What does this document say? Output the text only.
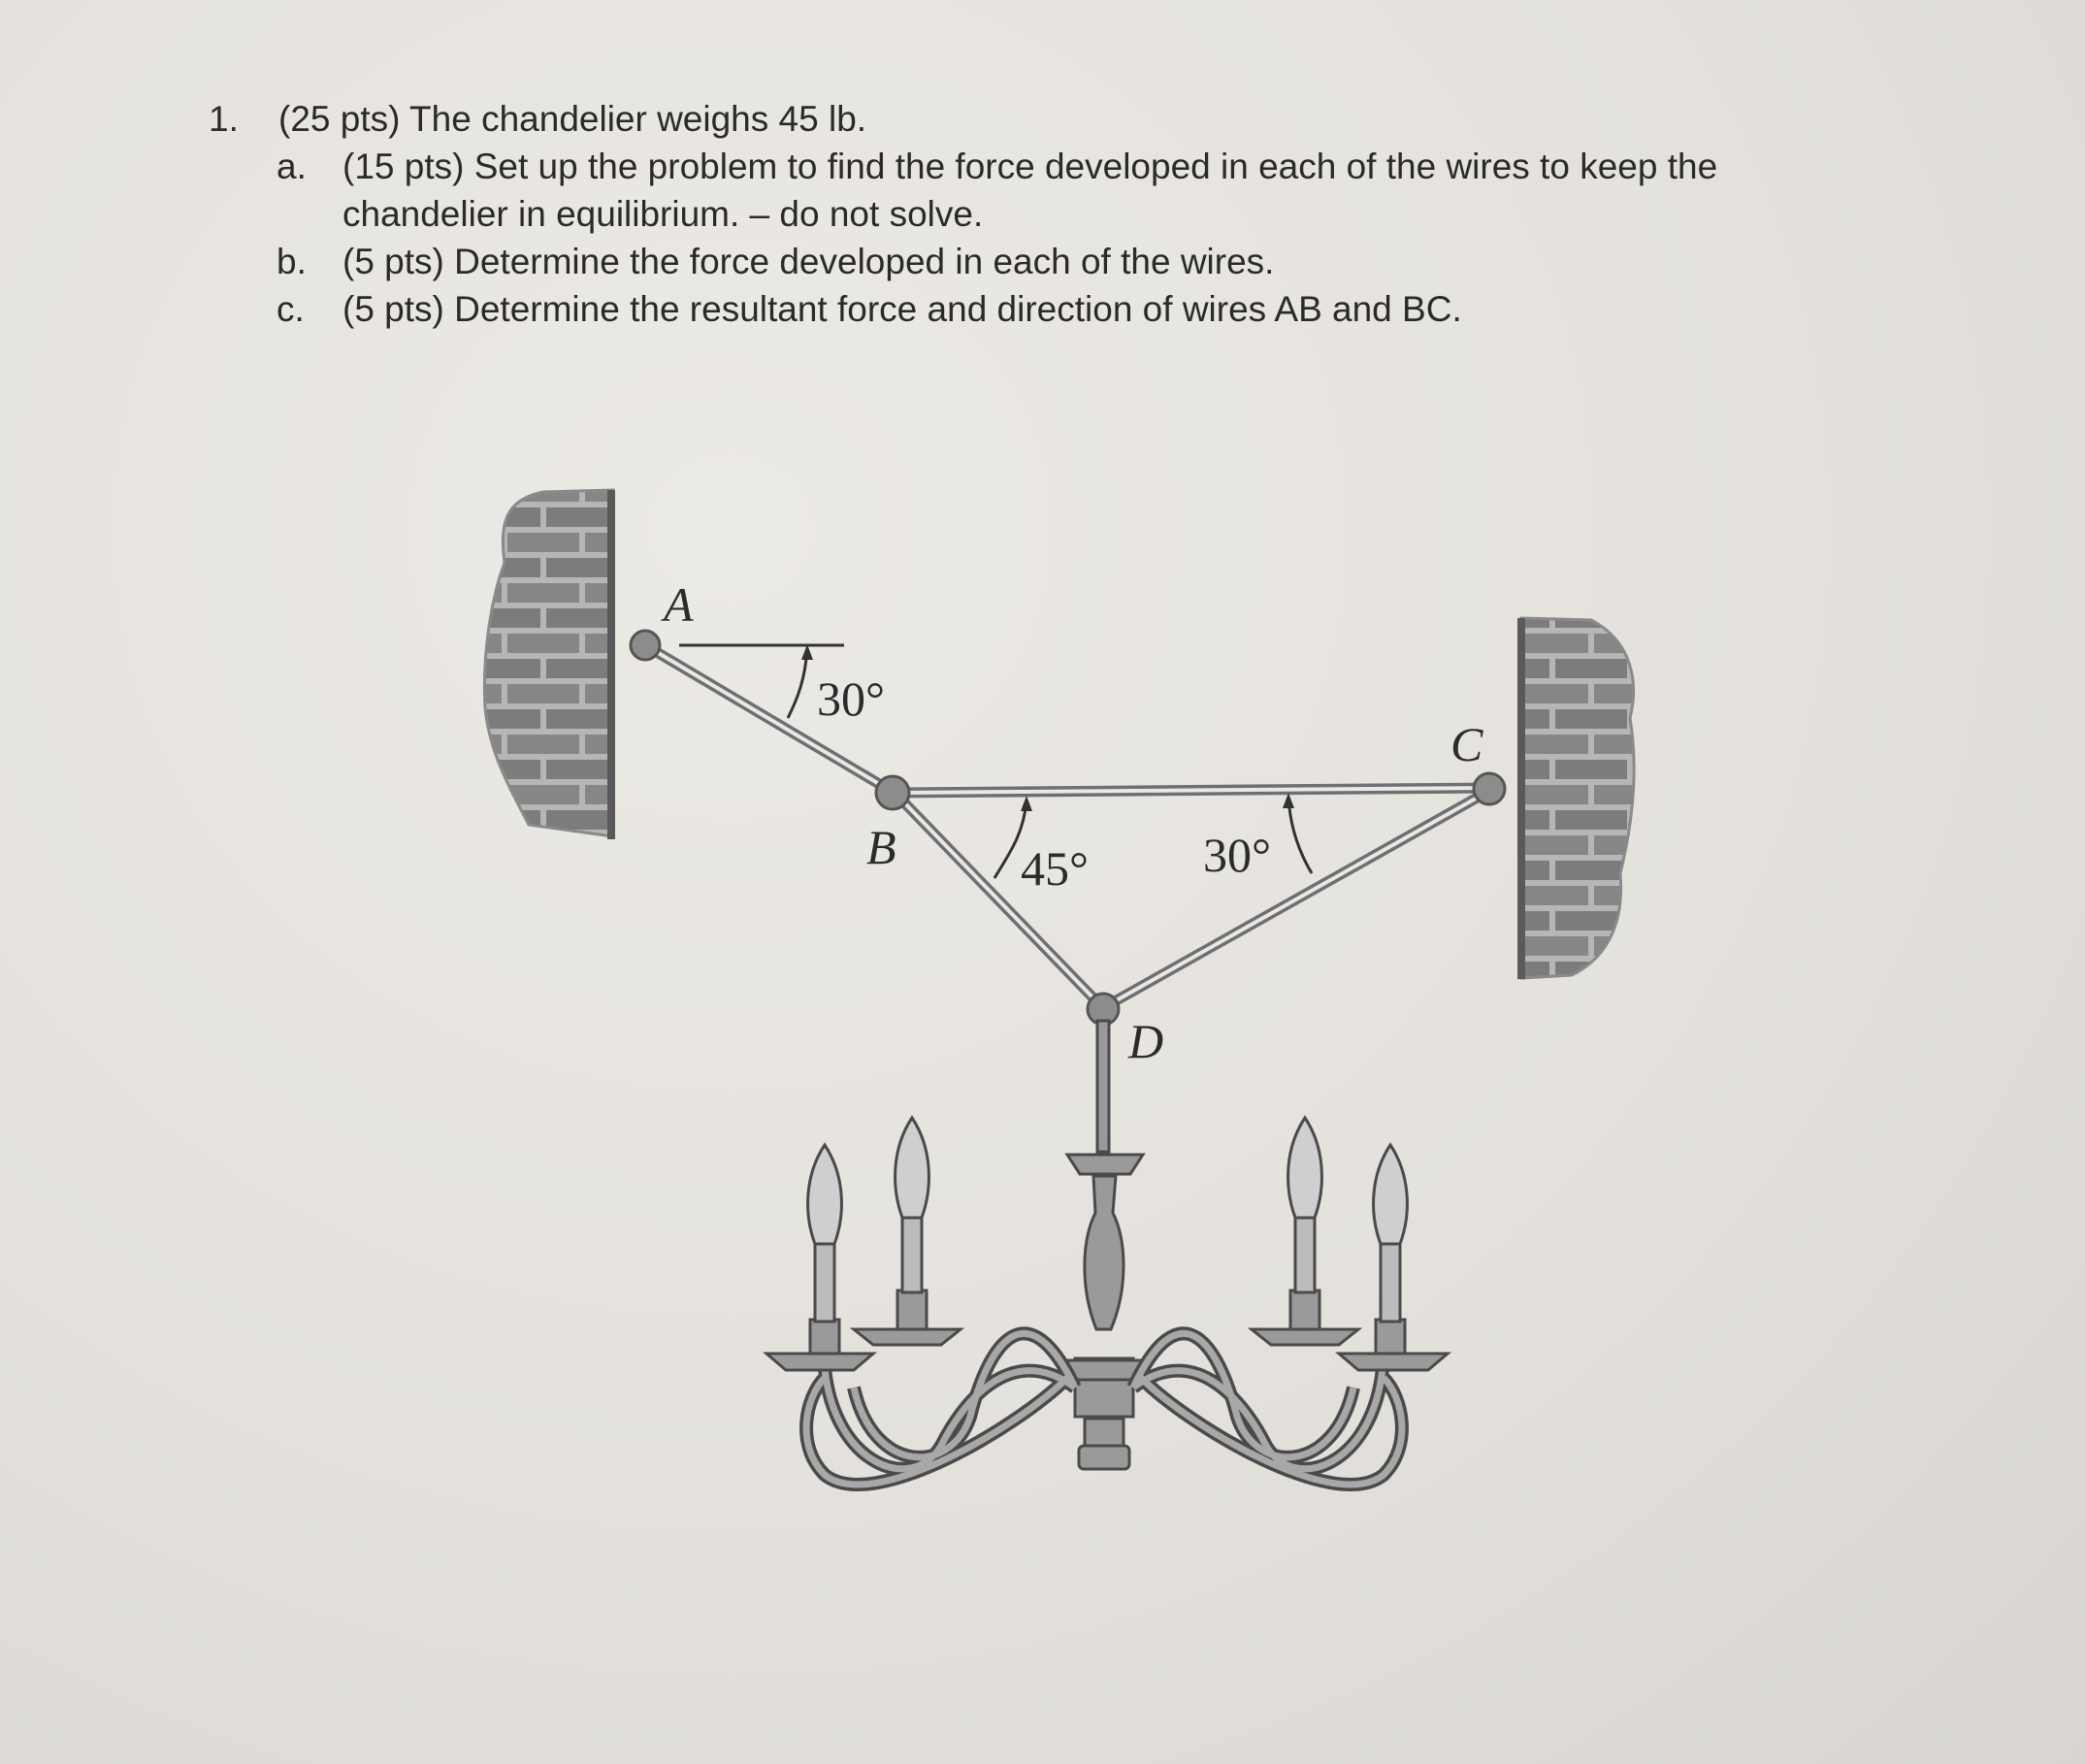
1. (25 pts) The chandelier weighs 45 lb.
a. (15 pts) Set up the problem to find the force developed in each of the wires to keep the
chandelier in equilibrium. – do not solve.
b. (5 pts) Determine the force developed in each of the wires.
c. (5 pts) Determine the resultant force and direction of wires AB and BC.
A
B
C
D
30°
45° 30°
